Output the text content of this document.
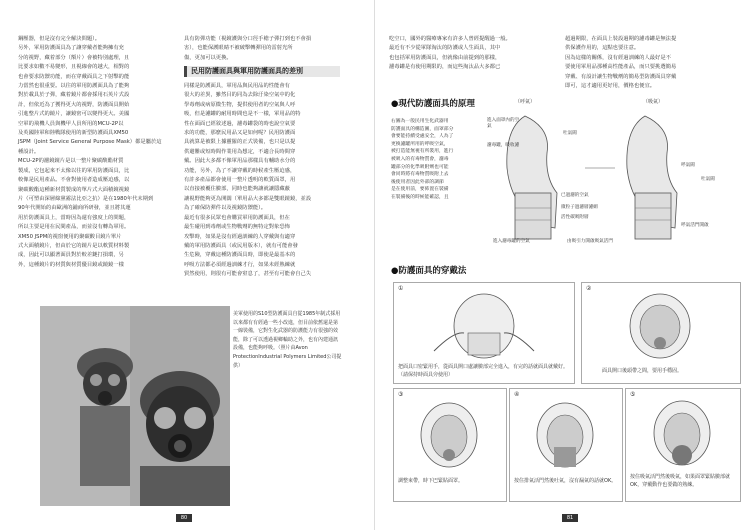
鋼壓器，但是沒有完全解決問題）。
另外，軍用防護面具為了讓穿戴者能夠擁有充
分的視野，藏着部分（額片）會被特別處理，且
比要求如數不易變形，且視線會的越大，相對的
也會要求防禦功能，而在穿戴面具之下射擊的能
力當然也很重要。以往的軍用防護面具為了能夠
對於載具於子彈，藏着鏡片都會採用石英片式設
計，但依近為了獲得更大的視野，防護面具開始
引進整片式的鏡片，讓鏡密可以變得更大。美國
空軍的飛機人員與機甲人員所用的MCU-2P以
及英國陸軍和陸戰隊使用的新型防護面具XM50
JSPM（Joint Service General Purpose Mask）都是屬於這
種設計。
MCU-2P的濾鏡鏡片是以一整片聚碳酸酯材質
製成，它包起來不太像以往的軍用防護面具，比
較像是民用產品。不會對使用者造成壓迫感，以
聚碳酸酯這種新材質製成的單片式大面積鏡視鏡
片（可塑由深層綠黨霧法比亞之抗）是在1980年代末期到
90年代開始的由歐洲的鋪商所研發，並且將其運
用於防護面具上，當時因為還有強度上的問題，
所以主要是用在民間產品，而並沒有轉為軍用。
XM50 JSPM的視窗便用的聚碳酸目鏡片單片
式大面積鏡片，但由於它的鏡片是以軟質材料製
成，因此可以顯著面員對於較差鏈打損環，另
外，這種鏡片的材質與材質優目鏡或鏡鏡一樣
具有防彈功能（視鏡護與分口徑手槍子彈打到也不會損
害），也能保護眼睛不被破擊轉彈用的雷射光所
傷，更加可以更換。
民用防護面具與軍用防護面具的差別
同樣是防護面具，軍用品與民用品的性能會有
很大的差異，雖然目的同為去除汙染空氣中的化
學毒劑或病原微生物，提供使用者的空氣與人呼
吸，但是濾罐的耐用時間也是不一樣，軍用品的特
性在面面已經敘述過，濾毒罐袋的時也說空氣要
求的功能，那麼民用品又是如何呢？民用防護面
具就算是被限上據靈羅的正式裝備，也只是以提
供避難或短時間作業用為想定，不適合長時間穿
戴。因此大多都不像軍用品那樣具有輔助水分的
功能，另外，為了不讓穿戴的時候產生壓迫感，
有許多產品都會使用一整片透明的軟質面罩，用
以直接被覆住臉部，同時也能夠讓就讓隱藏蔽
讓視野能夠更為開闊（單用品大多都是雙眼鏡鏡，並設
為了確保防彈件以及視鏡防禦能）。
最近有很多民眾也會購買軍用防護面具，但在
最生碰用到毒劑或生物戰劑的無特定對象恐怖
攻擊時，如果是沒有經過訓練的人穿戴與有適穿
戴的軍用防護面具（或民用版本），就有可能會發
生危險，穿戴這種防護面具時，即使是最基本的
呼吸方法都必須經過訓練才行，如果未經熟練就
貿然使用，則很有可能會窒息了，甚至有可能會自己失
美軍使用的S10型防護面具自從1985年制式採用以來都有有經過一些小改進，但目前依舊還是第一線裝備，它對生化武器的防護能力有很強的效能，除了可以透過視鄉輪助之外，也有內建通訊設備，也能夠呼吸。（照片由Avon ProtectionIndustrial Polymers Limited公司提供）
80
吃空口，國外的醫療專家有許多人曾經提醒過一般。
最近有不少從軍隊淘汰的防護或人生面具，其中
也包括軍用防護面具，但就像由前提到的那樣，
濾毒罐是有使用期限的，而這些淘汰品大多都已
超過期限，在面具上裝設過期的濾毒罐是無法提
供保護作用的，這點也要注意。
因為這樣的關係，沒有經過訓練的人最好是不
要使用軍用品那種高性能產品，而只要挑選簡易
穿戴、有設計讓生物戰劑的簡易型防護面具穿戴
即可，這才適用更好用，價格也便宜。
●現代防護面具的原理
右圖為一般民用生化武器用
防護面具的構造圖，面罩部分
會要能持續受處安全，人為了
更換濾罐所用的呼吸空氣，
被打造能無視有所裝用，進行
被吸入的有毒物質會，濾毒
罐部分的化學吸附劑也可能
會同時將有毒物質吸附上去
後使用者因此外部的調節
是在使用前，要佈置在裝備
在裝備後的時候能確認，且
（呼氣）	（吸氣）
進入面罩內的空氣
濾毒罐，吸收濾
吐氣閥
呼氣閥
已過濾的空氣
微粒子過濾層濾網
活性碳吸附層
進入濾毒罐的空氣	由吸引力開啟吸氣活門
吐氣閥
呼氣活門開啟
●防護面具的穿戴法
①
把面具口密緊用手，從面具開口處讓臉部完全進入，有完的話就面具就戴好。（請保持時面具旁使用）
②
面具開口後頭帶之間，要用手穩固。
③
調整束帶，時下巴緊貼面罩。
④
按住排氣活門然後吐氣，沒有漏氣的話就OK。
⑤
按住吸氣活門然後吸氣，如果面罩緊貼臉部就OK，穿戴動作也要做的熟練。
81
